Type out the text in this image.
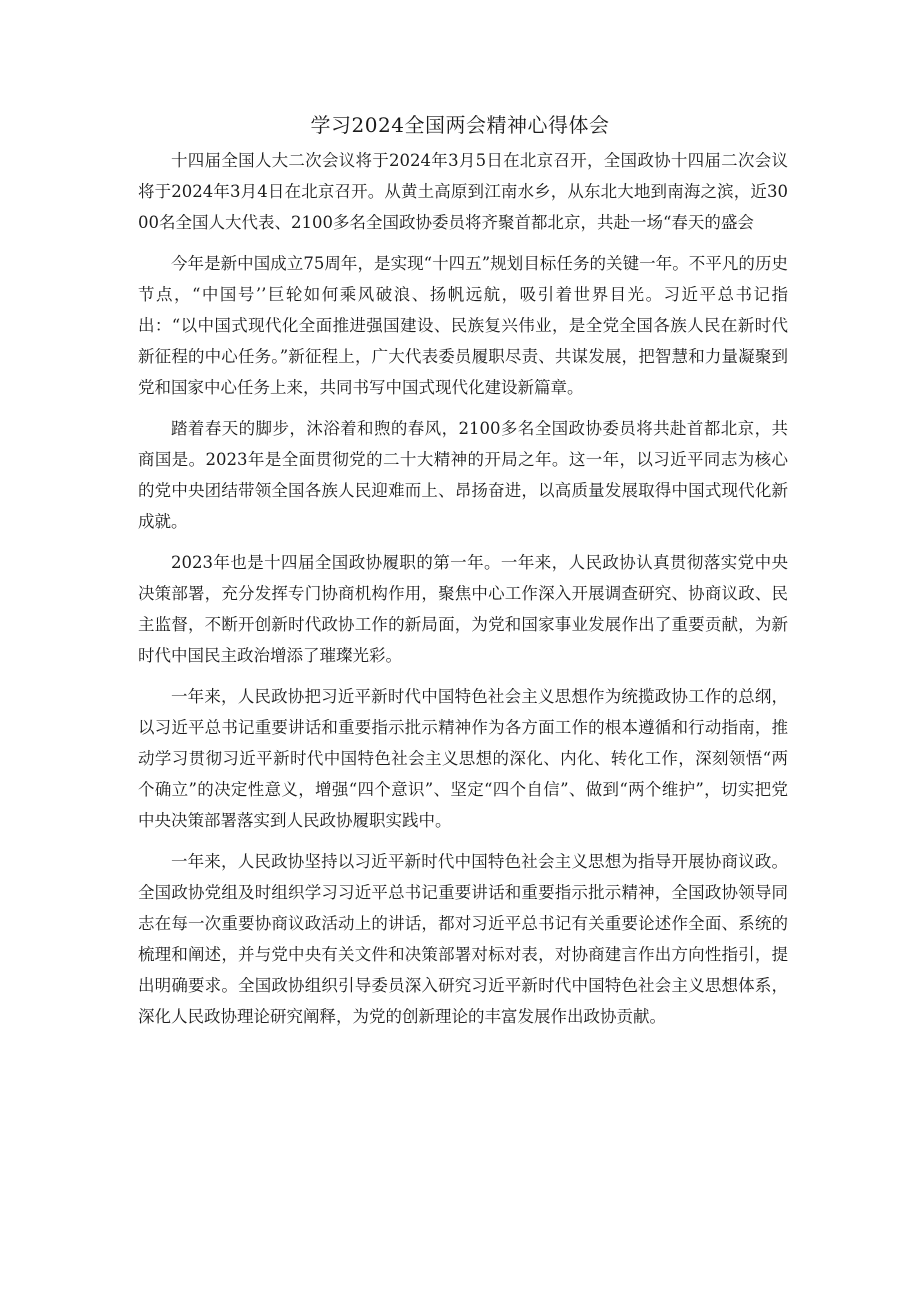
学习2024全国两会精神心得体会

十四届全国人大二次会议将于2024年3月5日在北京召开，全国政协十四届二次会议将于2024年3月4日在北京召开。从黄土高原到江南水乡，从东北大地到南海之滨，近3000名全国人大代表、2100多名全国政协委员将齐聚首都北京，共赴一场“春天的盛会

今年是新中国成立75周年，是实现“十四五”规划目标任务的关键一年。不平凡的历史节点，“中国号’’巨轮如何乘风破浪、扬帆远航，吸引着世界目光。习近平总书记指出：“以中国式现代化全面推进强国建设、民族复兴伟业，是全党全国各族人民在新时代新征程的中心任务。”新征程上，广大代表委员履职尽责、共谋发展，把智慧和力量凝聚到党和国家中心任务上来，共同书写中国式现代化建设新篇章。

踏着春天的脚步，沐浴着和煦的春风，2100多名全国政协委员将共赴首都北京，共商国是。2023年是全面贯彻党的二十大精神的开局之年。这一年，以习近平同志为核心的党中央团结带领全国各族人民迎难而上、昂扬奋进，以高质量发展取得中国式现代化新成就。

2023年也是十四届全国政协履职的第一年。一年来，人民政协认真贯彻落实党中央决策部署，充分发挥专门协商机构作用，聚焦中心工作深入开展调查研究、协商议政、民主监督，不断开创新时代政协工作的新局面，为党和国家事业发展作出了重要贡献，为新时代中国民主政治增添了璀璨光彩。

一年来，人民政协把习近平新时代中国特色社会主义思想作为统揽政协工作的总纲，以习近平总书记重要讲话和重要指示批示精神作为各方面工作的根本遵循和行动指南，推动学习贯彻习近平新时代中国特色社会主义思想的深化、内化、转化工作，深刻领悟“两个确立”的决定性意义，增强“四个意识”、坚定“四个自信”、做到“两个维护”，切实把党中央决策部署落实到人民政协履职实践中。

一年来，人民政协坚持以习近平新时代中国特色社会主义思想为指导开展协商议政。全国政协党组及时组织学习习近平总书记重要讲话和重要指示批示精神，全国政协领导同志在每一次重要协商议政活动上的讲话，都对习近平总书记有关重要论述作全面、系统的梳理和阐述，并与党中央有关文件和决策部署对标对表，对协商建言作出方向性指引，提出明确要求。全国政协组织引导委员深入研究习近平新时代中国特色社会主义思想体系，深化人民政协理论研究阐释，为党的创新理论的丰富发展作出政协贡献。
